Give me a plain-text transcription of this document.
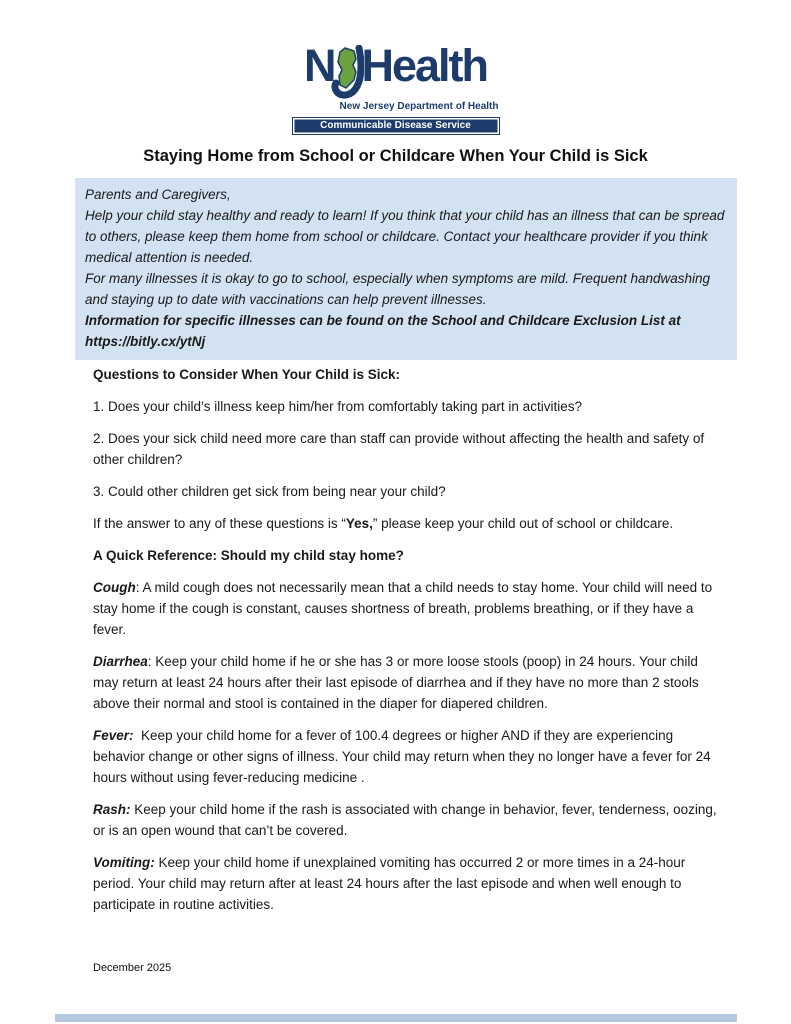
N Health
New Jersey Department of Health
Communicable Disease Service
Staying Home from School or Childcare When Your Child is Sick

Parents and Caregivers,

Help your child stay healthy and ready to learn! If you think that your child has an illness that can be spread to others, please keep them home from school or childcare. Contact your healthcare provider if you think medical attention is needed.

For many illnesses it is okay to go to school, especially when symptoms are mild. Frequent handwashing and staying up to date with vaccinations can help prevent illnesses.

Information for specific illnesses can be found on the School and Childcare Exclusion List at https://bitly.cx/ytNj

Questions to Consider When Your Child is Sick:

1. Does your child’s illness keep him/her from comfortably taking part in activities?

2. Does your sick child need more care than staff can provide without affecting the health and safety of other children?

3. Could other children get sick from being near your child?

If the answer to any of these questions is “Yes,” please keep your child out of school or childcare.

A Quick Reference: Should my child stay home?

Cough: A mild cough does not necessarily mean that a child needs to stay home. Your child will need to stay home if the cough is constant, causes shortness of breath, problems breathing, or if they have a fever.

Diarrhea: Keep your child home if he or she has 3 or more loose stools (poop) in 24 hours. Your child may return at least 24 hours after their last episode of diarrhea and if they have no more than 2 stools above their normal and stool is contained in the diaper for diapered children.

Fever: Keep your child home for a fever of 100.4 degrees or higher AND if they are experiencing behavior change or other signs of illness. Your child may return when they no longer have a fever for 24 hours without using fever-reducing medicine .

Rash: Keep your child home if the rash is associated with change in behavior, fever, tenderness, oozing, or is an open wound that can’t be covered.

Vomiting: Keep your child home if unexplained vomiting has occurred 2 or more times in a 24-hour period. Your child may return after at least 24 hours after the last episode and when well enough to participate in routine activities.

December 2025
